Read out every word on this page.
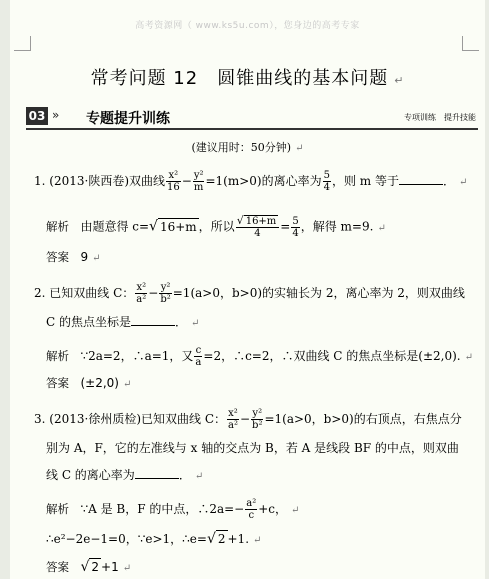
高考资源网（ www.ks5u.com），您身边的高考专家
常考问题 12　圆锥曲线的基本问题 ↵
03 » 专题提升训练	专项训练　提升技能
(建议用时：50分钟) ↵
1. (2013·陕西卷)双曲线 $\frac{\text{x²}}{16} - \frac{\text{y²}}{m} =1(m>0)$的离心率为 $\frac{5}{4}$ ，则 m 等于	． ↵
解析 由题意得 c=√ 16+m ，所以 $\frac{√ 16+m}{4} = \frac{5}{4}$ ，解得 m=9. ↵
答案 9 ↵
2. 已知双曲线 C： $\frac{\text{x²}}{\text{a²}} - \frac{\text{y²}}{\text{b²}} =1(a>0$，b>0)的实轴长为 2，离心率为 2，则双曲线
C 的焦点坐标是	． ↵
解析 ∵2a=2，∴a=1，又 $\frac{c}{a} =2$，∴c=2，∴双曲线 C 的焦点坐标是(±2,0). ↵
答案 (±2,0) ↵
3. (2013·徐州质检)已知双曲线 C： $\frac{\text{x²}}{\text{a²}} - \frac{\text{y²}}{\text{b²}} =1(a>0$，b>0)的右顶点，右焦点分
别为 A，F，它的左准线与 x 轴的交点为 B，若 A 是线段 BF 的中点，则双曲
线 C 的离心率为	． ↵
解析 ∵A 是 B，F 的中点，∴2a=− $\frac{\text{a²}}{c} +c$， ↵
∴e²−2e−1=0，∵e>1，∴e=√ 2 +1. ↵
答案 √ 2 +1 ↵
